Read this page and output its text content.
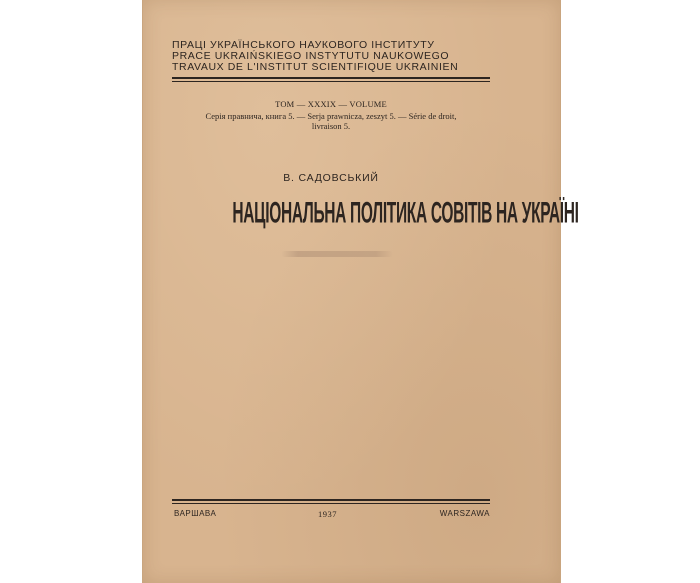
ПРАЦІ УКРАЇНСЬКОГО НАУКОВОГО ІНСТИТУТУ
PRACE UKRAIŃSKIEGO INSTYTUTU NAUKOWEGO
TRAVAUX DE L'INSTITUT SCIENTIFIQUE UKRAINIEN
ТОМ — XXXIX — VOLUME
Серія правнича, книга 5. — Serja prawnicza, zeszyt 5. — Série de droit,
livraison 5.
В. САДОВСЬКИЙ
НАЦІОНАЛЬНА ПОЛІТИКА СОВІТІВ НА УКРАЇНІ
ВАРШАВА	1937	WARSZAWA
